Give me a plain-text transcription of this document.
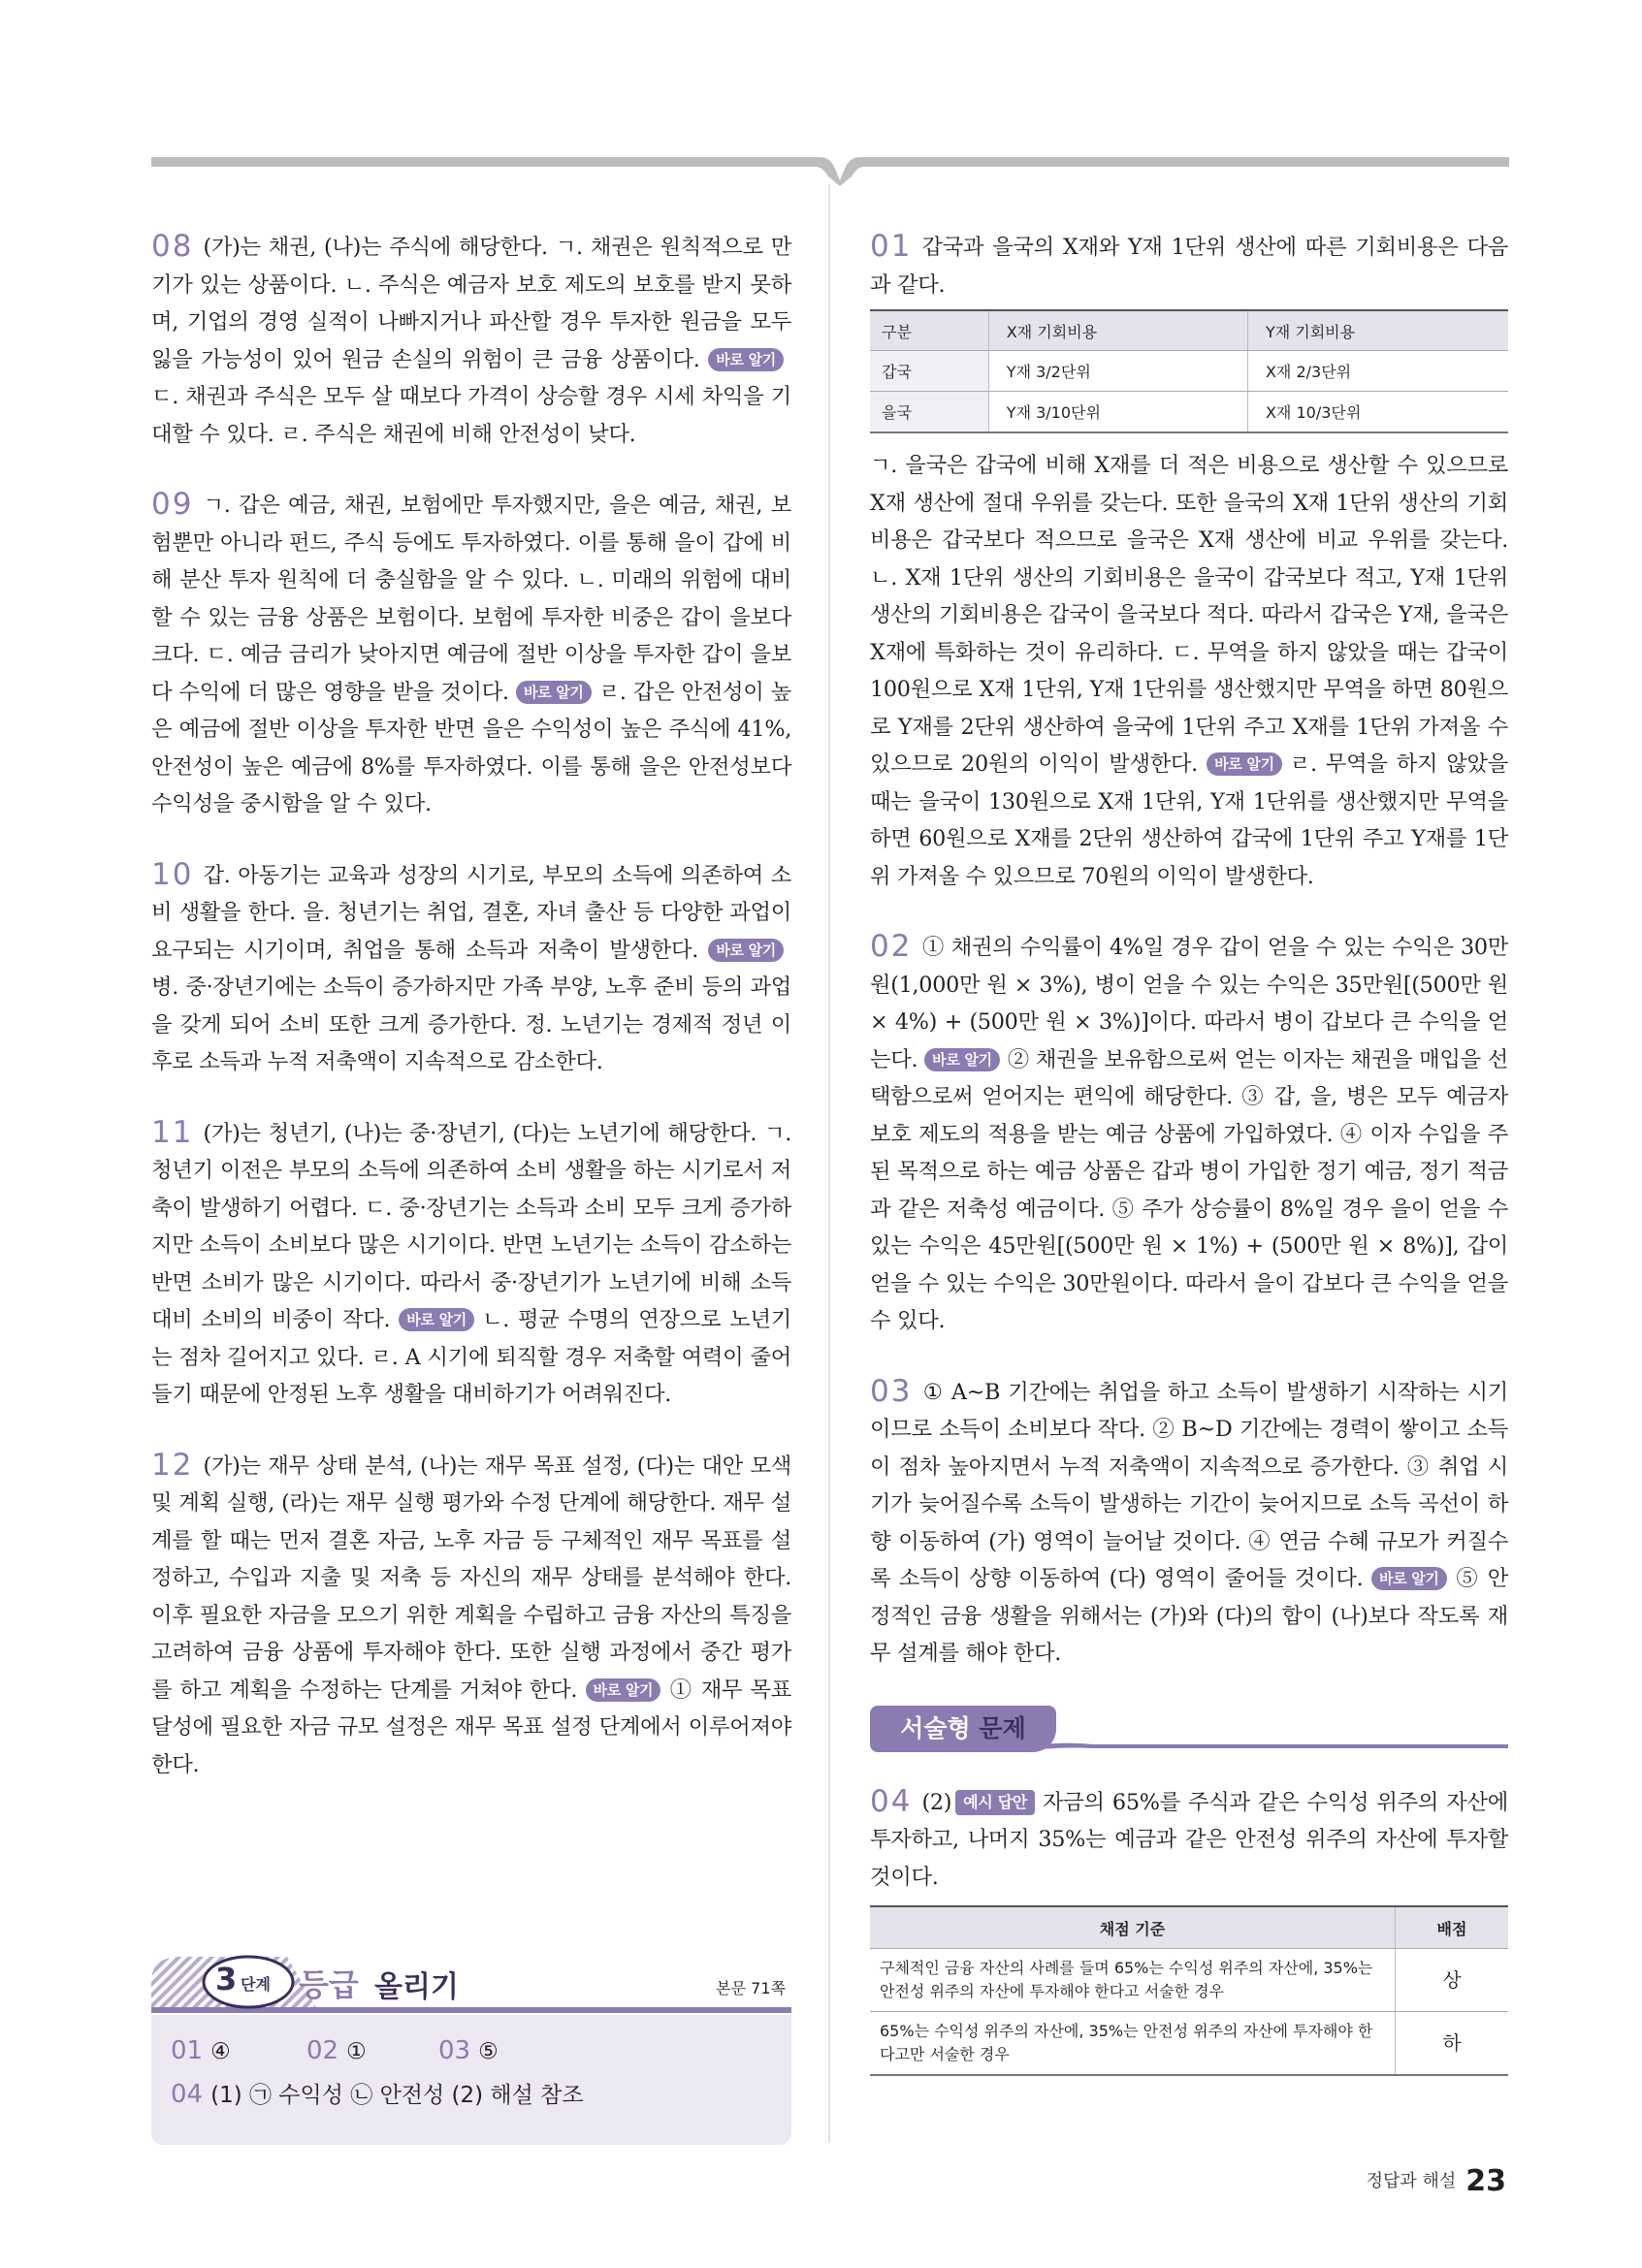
08 (가)는 채권, (나)는 주식에 해당한다. ㄱ. 채권은 원칙적으로 만기가 있는 상품이다. ㄴ. 주식은 예금자 보호 제도의 보호를 받지 못하며, 기업의 경영 실적이 나빠지거나 파산할 경우 투자한 원금을 모두 잃을 가능성이 있어 원금 손실의 위험이 큰 금융 상품이다. 바로 알기ㄷ. 채권과 주식은 모두 살 때보다 가격이 상승할 경우 시세 차익을 기대할 수 있다. ㄹ. 주식은 채권에 비해 안전성이 낮다.

09 ㄱ. 갑은 예금, 채권, 보험에만 투자했지만, 을은 예금, 채권, 보험뿐만 아니라 펀드, 주식 등에도 투자하였다. 이를 통해 을이 갑에 비해 분산 투자 원칙에 더 충실함을 알 수 있다. ㄴ. 미래의 위험에 대비할 수 있는 금융 상품은 보험이다. 보험에 투자한 비중은 갑이 을보다 크다. ㄷ. 예금 금리가 낮아지면 예금에 절반 이상을 투자한 갑이 을보다 수익에 더 많은 영향을 받을 것이다. 바로 알기 ㄹ. 갑은 안전성이 높은 예금에 절반 이상을 투자한 반면 을은 수익성이 높은 주식에 41%, 안전성이 높은 예금에 8%를 투자하였다. 이를 통해 을은 안전성보다 수익성을 중시함을 알 수 있다.

10 갑. 아동기는 교육과 성장의 시기로, 부모의 소득에 의존하여 소비 생활을 한다. 을. 청년기는 취업, 결혼, 자녀 출산 등 다양한 과업이 요구되는 시기이며, 취업을 통해 소득과 저축이 발생한다. 바로 알기병. 중·장년기에는 소득이 증가하지만 가족 부양, 노후 준비 등의 과업을 갖게 되어 소비 또한 크게 증가한다. 정. 노년기는 경제적 정년 이후로 소득과 누적 저축액이 지속적으로 감소한다.

11 (가)는 청년기, (나)는 중·장년기, (다)는 노년기에 해당한다. ㄱ. 청년기 이전은 부모의 소득에 의존하여 소비 생활을 하는 시기로서 저축이 발생하기 어렵다. ㄷ. 중·장년기는 소득과 소비 모두 크게 증가하지만 소득이 소비보다 많은 시기이다. 반면 노년기는 소득이 감소하는 반면 소비가 많은 시기이다. 따라서 중·장년기가 노년기에 비해 소득 대비 소비의 비중이 작다. 바로 알기 ㄴ. 평균 수명의 연장으로 노년기는 점차 길어지고 있다. ㄹ. A 시기에 퇴직할 경우 저축할 여력이 줄어들기 때문에 안정된 노후 생활을 대비하기가 어려워진다.

12 (가)는 재무 상태 분석, (나)는 재무 목표 설정, (다)는 대안 모색 및 계획 실행, (라)는 재무 실행 평가와 수정 단계에 해당한다. 재무 설계를 할 때는 먼저 결혼 자금, 노후 자금 등 구체적인 재무 목표를 설정하고, 수입과 지출 및 저축 등 자신의 재무 상태를 분석해야 한다. 이후 필요한 자금을 모으기 위한 계획을 수립하고 금융 자산의 특징을 고려하여 금융 상품에 투자해야 한다. 또한 실행 과정에서 중간 평가를 하고 계획을 수정하는 단계를 거쳐야 한다. 바로 알기 ① 재무 목표 달성에 필요한 자금 규모 설정은 재무 목표 설정 단계에서 이루어져야 한다.

01 갑국과 을국의 X재와 Y재 1단위 생산에 따른 기회비용은 다음과 같다.

구분	X재 기회비용	Y재 기회비용
갑국	Y재 3/2단위	X재 2/3단위
을국	Y재 3/10단위	X재 10/3단위

ㄱ. 을국은 갑국에 비해 X재를 더 적은 비용으로 생산할 수 있으므로 X재 생산에 절대 우위를 갖는다. 또한 을국의 X재 1단위 생산의 기회비용은 갑국보다 적으므로 을국은 X재 생산에 비교 우위를 갖는다. ㄴ. X재 1단위 생산의 기회비용은 을국이 갑국보다 적고, Y재 1단위 생산의 기회비용은 갑국이 을국보다 적다. 따라서 갑국은 Y재, 을국은 X재에 특화하는 것이 유리하다. ㄷ. 무역을 하지 않았을 때는 갑국이 100원으로 X재 1단위, Y재 1단위를 생산했지만 무역을 하면 80원으로 Y재를 2단위 생산하여 을국에 1단위 주고 X재를 1단위 가져올 수 있으므로 20원의 이익이 발생한다. 바로 알기 ㄹ. 무역을 하지 않았을 때는 을국이 130원으로 X재 1단위, Y재 1단위를 생산했지만 무역을 하면 60원으로 X재를 2단위 생산하여 갑국에 1단위 주고 Y재를 1단위 가져올 수 있으므로 70원의 이익이 발생한다.

02 ① 채권의 수익률이 4%일 경우 갑이 얻을 수 있는 수익은 30만원(1,000만 원 × 3%), 병이 얻을 수 있는 수익은 35만원[(500만 원 × 4%) + (500만 원 × 3%)]이다. 따라서 병이 갑보다 큰 수익을 얻는다. 바로 알기 ② 채권을 보유함으로써 얻는 이자는 채권을 매입을 선택함으로써 얻어지는 편익에 해당한다. ③ 갑, 을, 병은 모두 예금자 보호 제도의 적용을 받는 예금 상품에 가입하였다. ④ 이자 수입을 주된 목적으로 하는 예금 상품은 갑과 병이 가입한 정기 예금, 정기 적금과 같은 저축성 예금이다. ⑤ 주가 상승률이 8%일 경우 을이 얻을 수 있는 수익은 45만원[(500만 원 × 1%) + (500만 원 × 8%)], 갑이 얻을 수 있는 수익은 30만원이다. 따라서 을이 갑보다 큰 수익을 얻을 수 있다.

03 ① A~B 기간에는 취업을 하고 소득이 발생하기 시작하는 시기이므로 소득이 소비보다 작다. ② B~D 기간에는 경력이 쌓이고 소득이 점차 높아지면서 누적 저축액이 지속적으로 증가한다. ③ 취업 시기가 늦어질수록 소득이 발생하는 기간이 늦어지므로 소득 곡선이 하향 이동하여 (가) 영역이 늘어날 것이다. ④ 연금 수혜 규모가 커질수록 소득이 상향 이동하여 (다) 영역이 줄어들 것이다. 바로 알기 ⑤ 안정적인 금융 생활을 위해서는 (가)와 (다)의 합이 (나)보다 작도록 재무 설계를 해야 한다.

서술형 문제

04 (2) 예시 답안 자금의 65%를 주식과 같은 수익성 위주의 자산에 투자하고, 나머지 35%는 예금과 같은 안전성 위주의 자산에 투자할 것이다.

채점 기준	배점
구체적인 금융 자산의 사례를 들며 65%는 수익성 위주의 자산에, 35%는 안전성 위주의 자산에 투자해야 한다고 서술한 경우	상
65%는 수익성 위주의 자산에, 35%는 안전성 위주의 자산에 투자해야 한다고만 서술한 경우	하
3 단계 등급 올리기	본문 71쪽
01 ④	02 ①	03 ⑤
04 (1) ㉠ 수익성 ㉡ 안전성 (2) 해설 참조
정답과 해설 23
